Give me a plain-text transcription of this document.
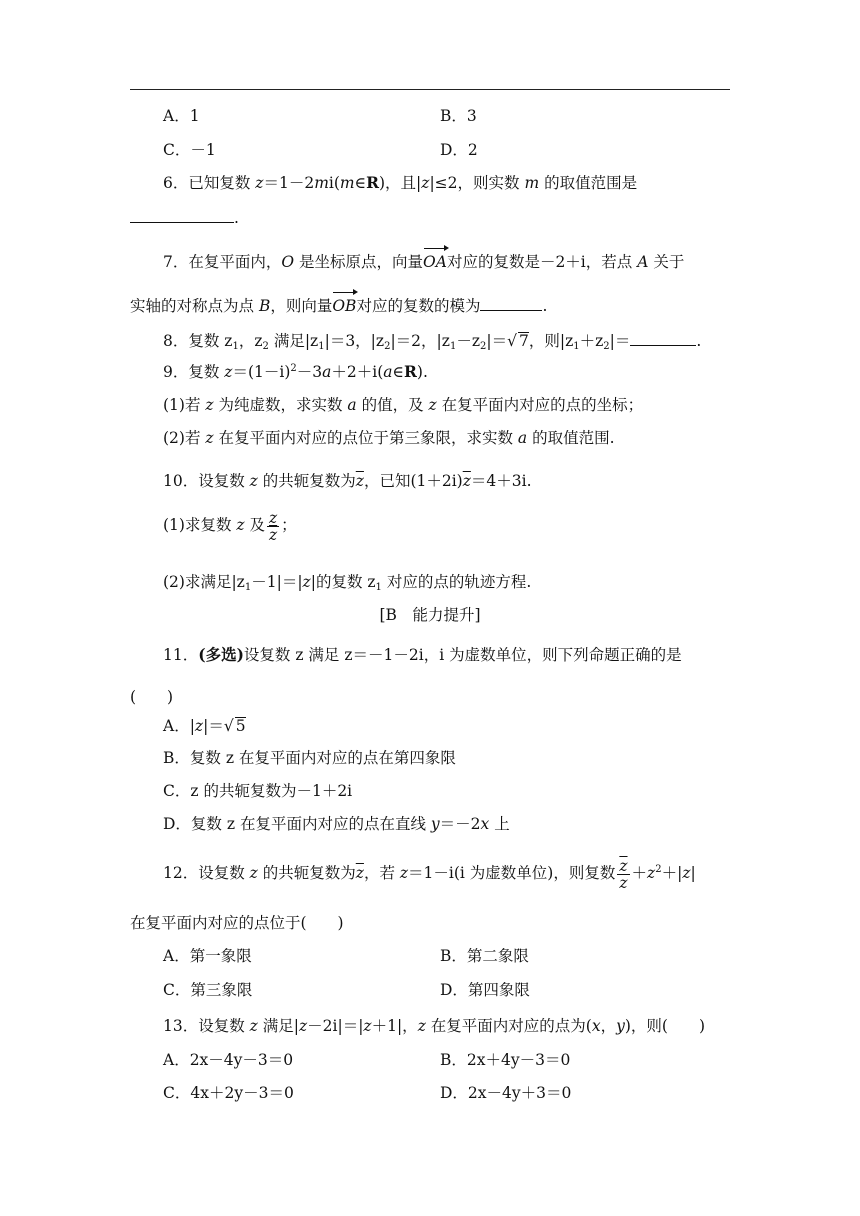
A．1	B．3
C．－1	D．2
6．已知复数 z＝1－2mi(m∈R)，且|z|≤2，则实数 m 的取值范围是
.
7．在复平面内，O 是坐标原点，向量OA对应的复数是－2＋i，若点 A 关于
实轴的对称点为点 B，则向量OB对应的复数的模为	.
8．复数 $z_1$，$z_2$ 满足$|z_1|=3$，$|z_2|=2$，$|z_1-z_2|=√$ 7，则$|z_1+z_2|=$	.
9．复数 $z=(1-i)^2-3a+2+i(a\in R)$.
(1)若 z 为纯虚数，求实数 a 的值，及 z 在复平面内对应的点的坐标；
(2)若 z 在复平面内对应的点位于第三象限，求实数 a 的取值范围.
10．设复数 z 的共轭复数为$\overline{z}$，已知$(1+2i)\overline{z}=4+3i$.
(1)求复数 z 及 $\frac{z}{z}$ ；
(2)求满足$|z_1-1|=|z|$的复数 $z_1$ 对应的点的轨迹方程.
[B　能力提升]
11．(多选)设复数 z 满足 z＝－1－2i，i 为虚数单位，则下列命题正确的是
(　　)
A．|z|＝√ 5
B．复数 z 在复平面内对应的点在第四象限
C．z 的共轭复数为－1＋2i
D．复数 z 在复平面内对应的点在直线 y＝－2x 上
12．设复数 z 的共轭复数为$\overline{z}$，若 z＝1－i(i 为虚数单位)，则复数 $\frac{\overline{z}}{z} +z^2+|z|$
在复平面内对应的点位于(　　)
A．第一象限	B．第二象限
C．第三象限	D．第四象限
13．设复数 z 满足|z－2i|＝|z＋1|，z 在复平面内对应的点为(x，y)，则(　　)
A．2x－4y－3＝0	B．2x＋4y－3＝0
C．4x＋2y－3＝0	D．2x－4y＋3＝0
